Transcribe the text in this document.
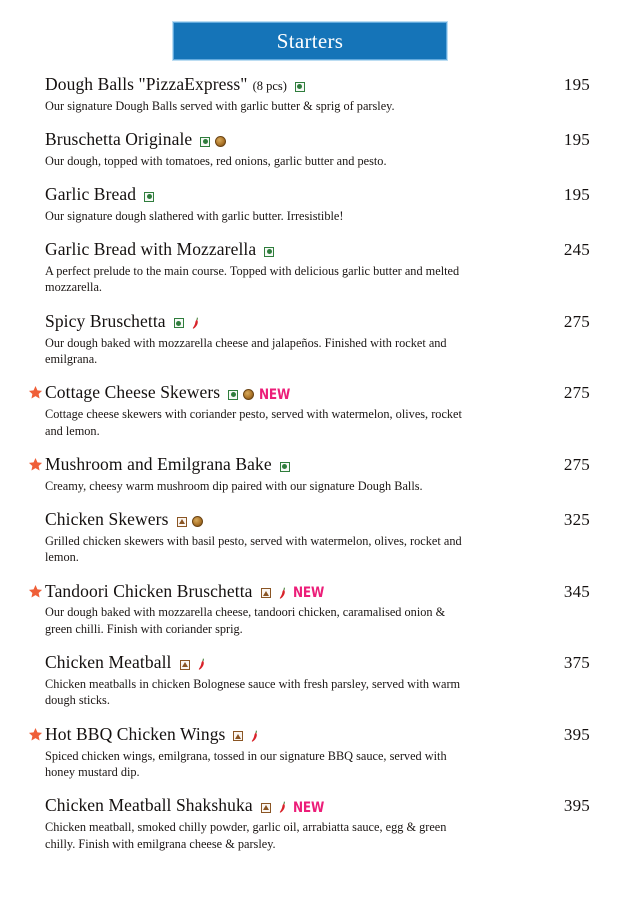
Starters
Dough Balls "PizzaExpress" (8 pcs)
Our signature Dough Balls served with garlic butter & sprig of parsley.
195
Bruschetta Originale
Our dough, topped with tomatoes, red onions, garlic butter and pesto.
195
Garlic Bread
Our signature dough slathered with garlic butter. Irresistible!
195
Garlic Bread with Mozzarella
A perfect prelude to the main course. Topped with delicious garlic butter and melted mozzarella.
245
Spicy Bruschetta
Our dough baked with mozzarella cheese and jalapeños. Finished with rocket and emilgrana.
275
Cottage Cheese Skewers	NEW
Cottage cheese skewers with coriander pesto, served with watermelon, olives, rocket and lemon.
275
Mushroom and Emilgrana Bake
Creamy, cheesy warm mushroom dip paired with our signature Dough Balls.
275
Chicken Skewers
Grilled chicken skewers with basil pesto, served with watermelon, olives, rocket and lemon.
325
Tandoori Chicken Bruschetta	NEW
Our dough baked with mozzarella cheese, tandoori chicken, caramalised onion & green chilli. Finish with coriander sprig.
345
Chicken Meatball
Chicken meatballs in chicken Bolognese sauce with fresh parsley, served with warm dough sticks.
375
Hot BBQ Chicken Wings
Spiced chicken wings, emilgrana, tossed in our signature BBQ sauce, served with honey mustard dip.
395
Chicken Meatball Shakshuka	NEW
Chicken meatball, smoked chilly powder, garlic oil, arrabiatta sauce, egg & green chilly. Finish with emilgrana cheese & parsley.
395
